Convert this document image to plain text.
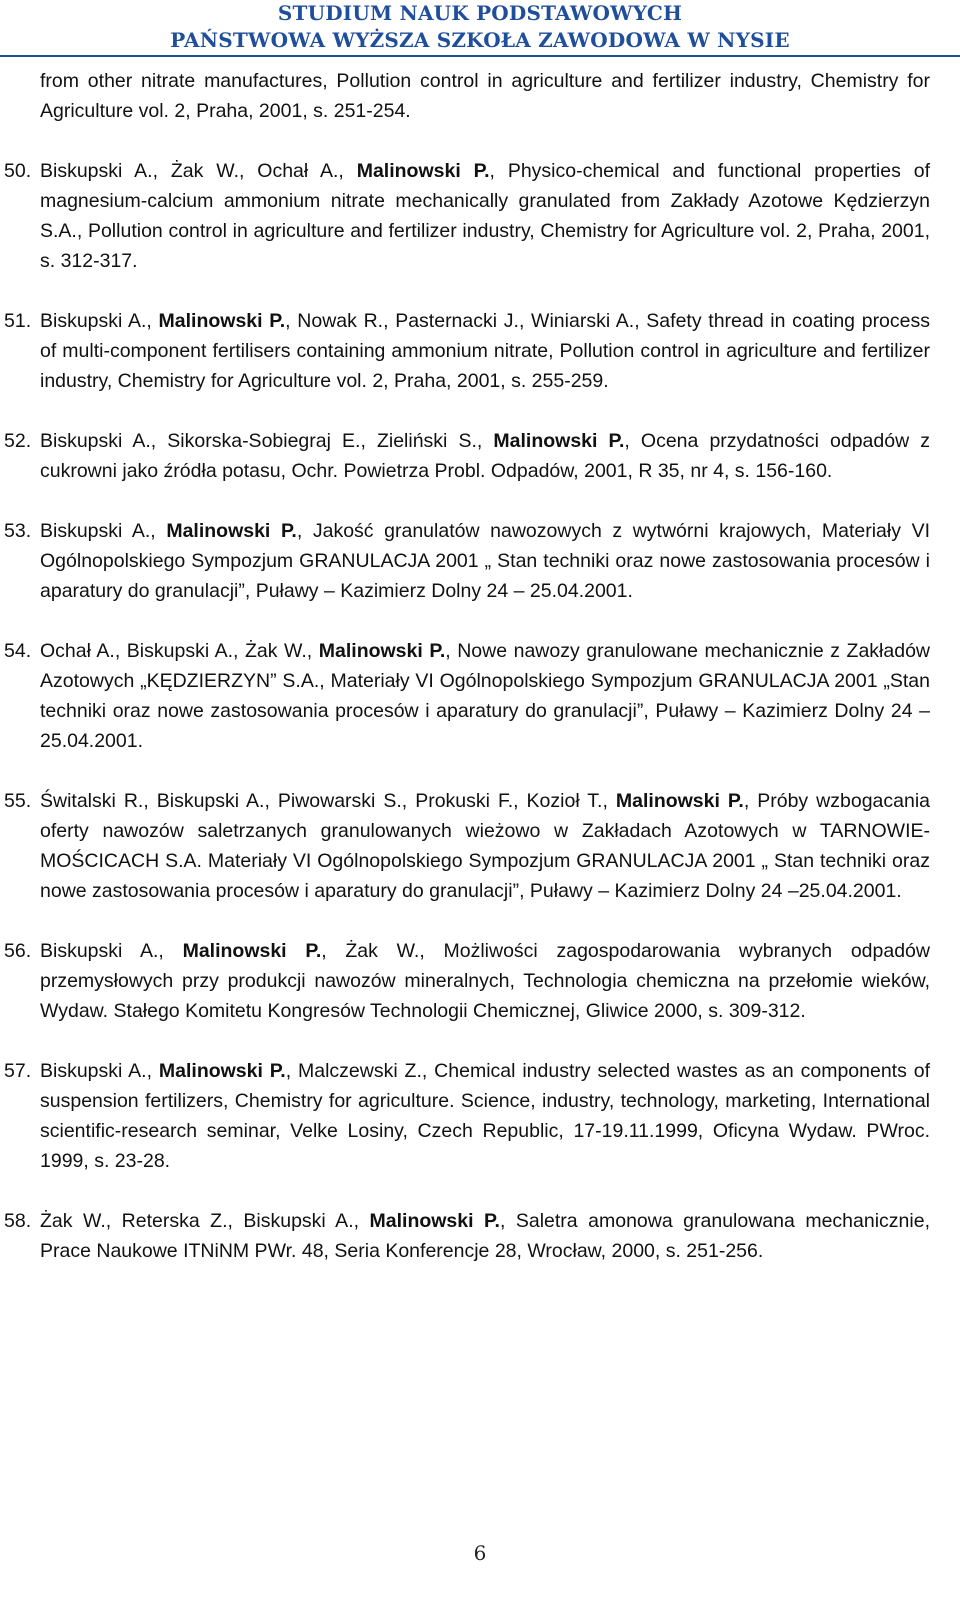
STUDIUM NAUK PODSTAWOWYCH
PAŃSTWOWA WYŻSZA SZKOŁA ZAWODOWA W NYSIE
from other nitrate manufactures, Pollution control in agriculture and fertilizer industry, Chemistry for Agriculture vol. 2, Praha, 2001, s. 251-254.
50. Biskupski A., Żak W., Ochał A., Malinowski P., Physico-chemical and functional properties of magnesium-calcium ammonium nitrate mechanically granulated from Zakłady Azotowe Kędzierzyn S.A., Pollution control in agriculture and fertilizer industry, Chemistry for Agriculture vol. 2, Praha, 2001, s. 312-317.
51. Biskupski A., Malinowski P., Nowak R., Pasternacki J., Winiarski A., Safety thread in coating process of multi-component fertilisers containing ammonium nitrate, Pollution control in agriculture and fertilizer industry, Chemistry for Agriculture vol. 2, Praha, 2001, s. 255-259.
52. Biskupski A., Sikorska-Sobiegraj E., Zieliński S., Malinowski P., Ocena przydatności odpadów z cukrowni jako źródła potasu, Ochr. Powietrza Probl. Odpadów, 2001, R 35, nr 4, s. 156-160.
53. Biskupski A., Malinowski P., Jakość granulatów nawozowych z wytwórni krajowych, Materiały VI Ogólnopolskiego Sympozjum GRANULACJA 2001 „ Stan techniki oraz nowe zastosowania procesów i aparatury do granulacji”, Puławy – Kazimierz Dolny 24 – 25.04.2001.
54. Ochał A., Biskupski A., Żak W., Malinowski P., Nowe nawozy granulowane mechanicznie z Zakładów Azotowych „KĘDZIERZYN” S.A., Materiały VI Ogólnopolskiego Sympozjum GRANULACJA 2001 „Stan techniki oraz nowe zastosowania procesów i aparatury do granulacji”, Puławy – Kazimierz Dolny 24 –25.04.2001.
55. Świtalski R., Biskupski A., Piwowarski S., Prokuski F., Kozioł T., Malinowski P., Próby wzbogacania oferty nawozów saletrzanych granulowanych wieżowo w Zakładach Azotowych w TARNOWIE-MOŚCICACH S.A. Materiały VI Ogólnopolskiego Sympozjum GRANULACJA 2001 „ Stan techniki oraz nowe zastosowania procesów i aparatury do granulacji”, Puławy – Kazimierz Dolny 24 –25.04.2001.
56. Biskupski A., Malinowski P., Żak W., Możliwości zagospodarowania wybranych odpadów przemysłowych przy produkcji nawozów mineralnych, Technologia chemiczna na przełomie wieków, Wydaw. Stałego Komitetu Kongresów Technologii Chemicznej, Gliwice 2000, s. 309-312.
57. Biskupski A., Malinowski P., Malczewski Z., Chemical industry selected wastes as an components of suspension fertilizers, Chemistry for agriculture. Science, industry, technology, marketing, International scientific-research seminar, Velke Losiny, Czech Republic, 17-19.11.1999, Oficyna Wydaw. PWroc. 1999, s. 23-28.
58. Żak W., Reterska Z., Biskupski A., Malinowski P., Saletra amonowa granulowana mechanicznie, Prace Naukowe ITNiNM PWr. 48, Seria Konferencje 28, Wrocław, 2000, s. 251-256.
6
